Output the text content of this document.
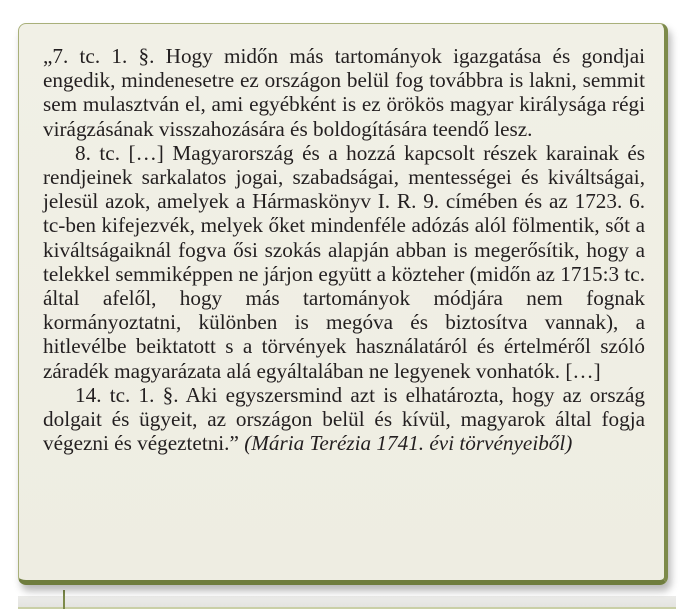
„7. tc. 1. §. Hogy midőn más tartományok igazgatása és gondjai engedik, mindenesetre ez országon belül fog továbbra is lakni, semmit sem mulasztván el, ami egyébként is ez örökös magyar királysága régi virágzásának visszahozására és boldogítására teendő lesz.

8. tc. […] Magyarország és a hozzá kapcsolt részek karainak és rendjeinek sarkalatos jogai, szabadságai, mentességei és kiváltságai, jelesül azok, amelyek a Hármaskönyv I. R. 9. címében és az 1723. 6. tc-ben kifejezvék, melyek őket mindenféle adózás alól fölmentik, sőt a kiváltságaiknál fogva ősi szokás alapján abban is megerősítik, hogy a telekkel semmiképpen ne járjon együtt a közteher (midőn az 1715:3 tc. által afelől, hogy más tartományok módjára nem fognak kormányoztatni, különben is megóva és biztosítva vannak), a hitlevélbe beiktatott s a törvények használatáról és értelméről szóló záradék magyarázata alá egyáltalában ne legyenek vonhatók. […]

14. tc. 1. §. Aki egyszersmind azt is elhatározta, hogy az ország dolgait és ügyeit, az országon belül és kívül, magyarok által fogja végezni és végeztetni.” (Mária Terézia 1741. évi törvényeiből)
